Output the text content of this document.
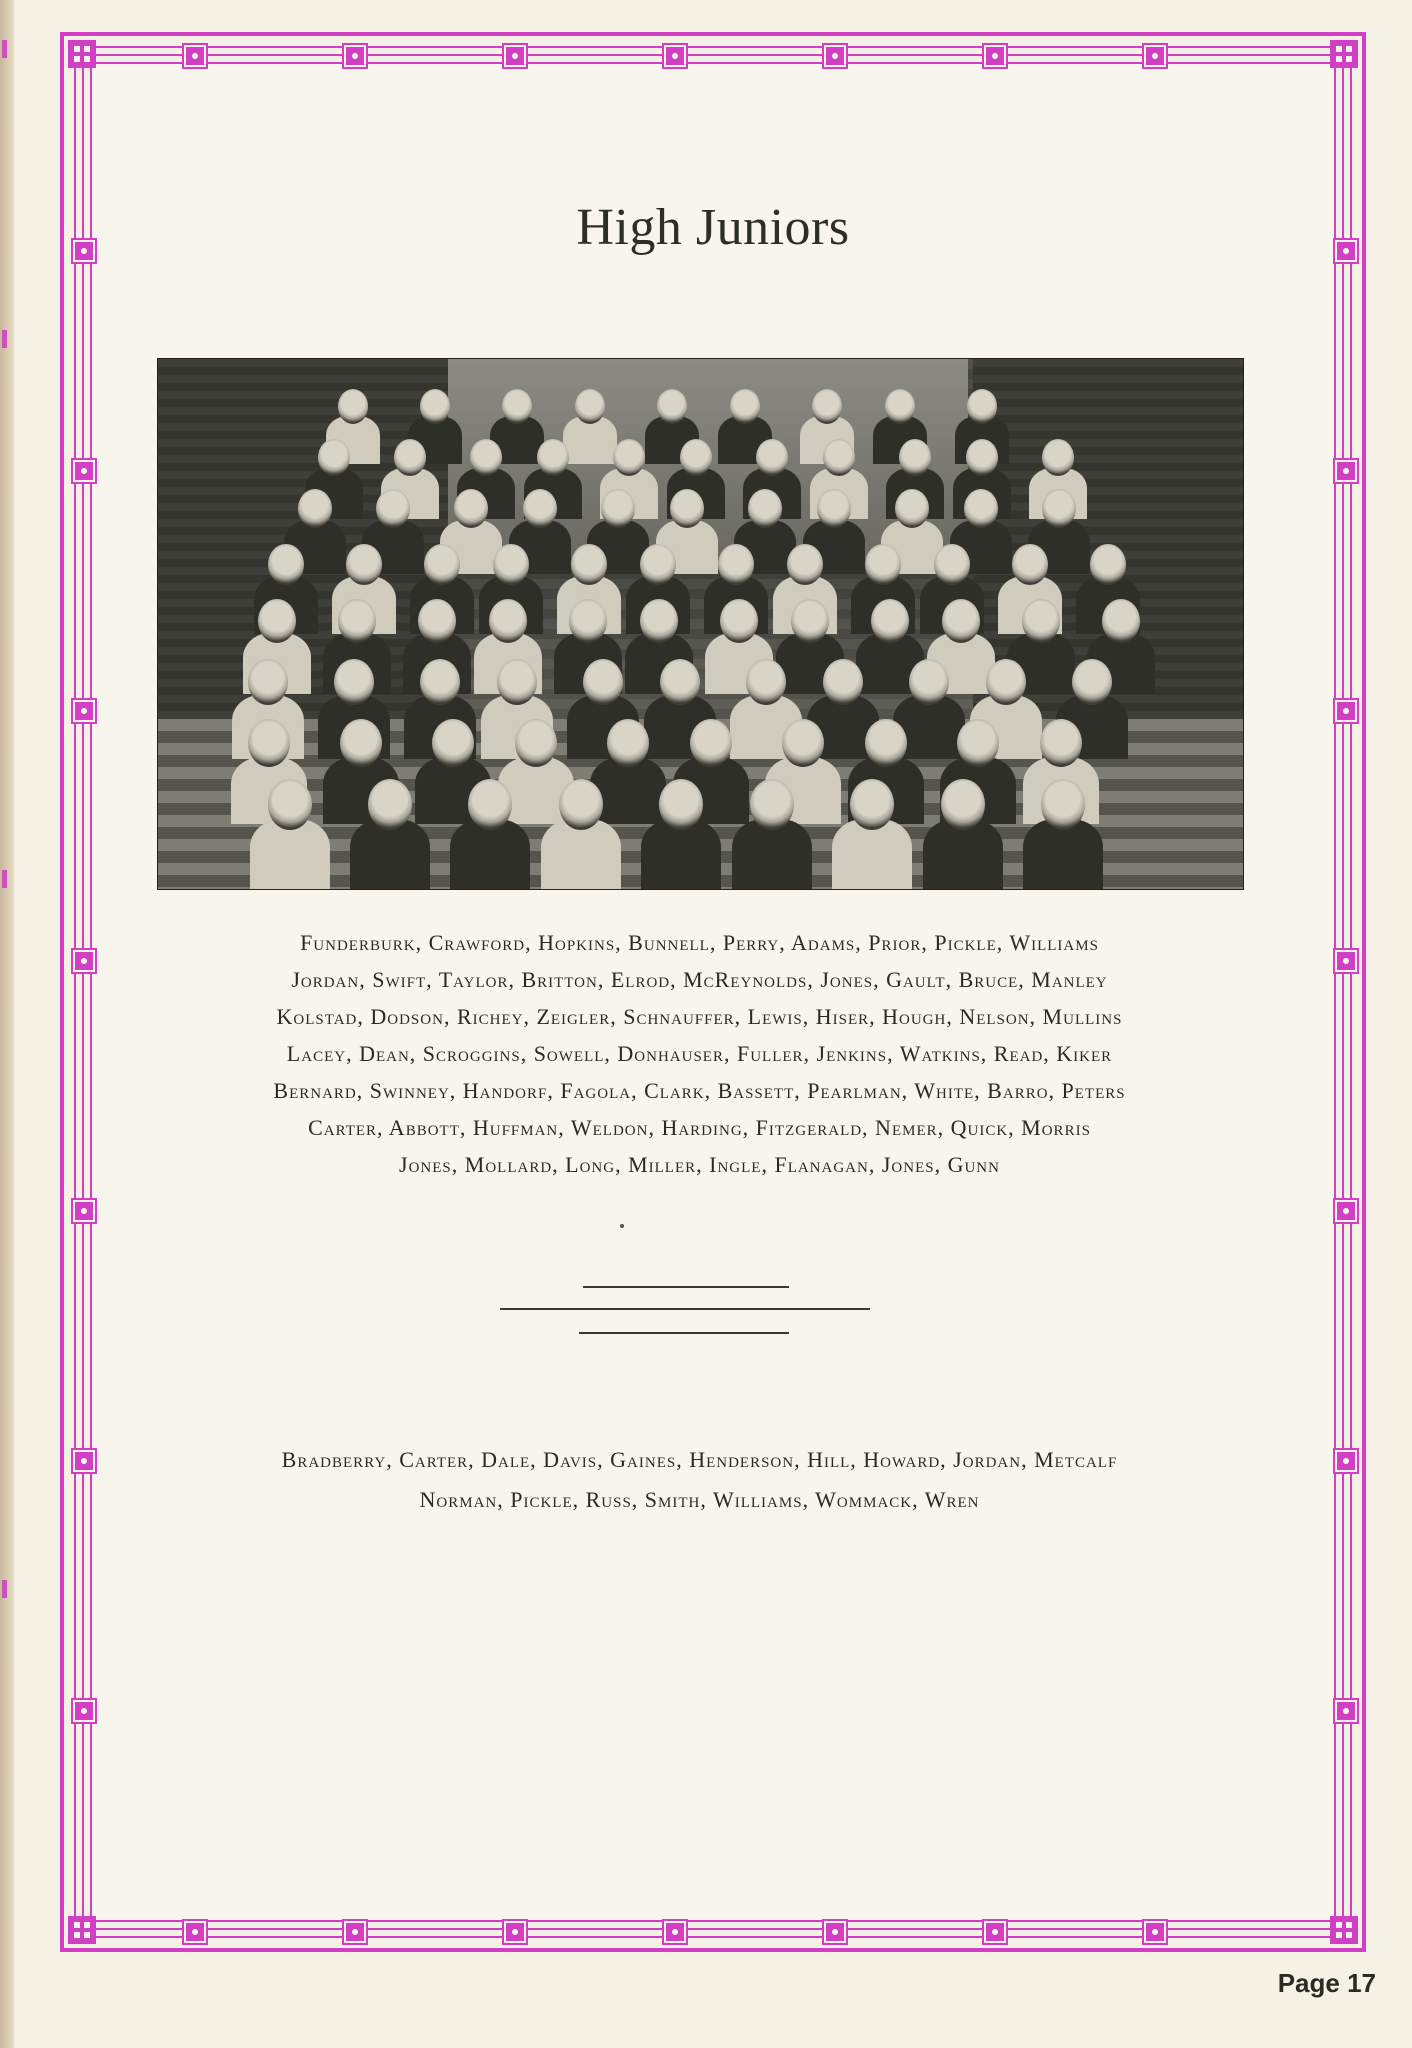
High Juniors
Funderburk, Crawford, Hopkins, Bunnell, Perry, Adams, Prior, Pickle, Williams
Jordan, Swift, Taylor, Britton, Elrod, McReynolds, Jones, Gault, Bruce, Manley
Kolstad, Dodson, Richey, Zeigler, Schnauffer, Lewis, Hiser, Hough, Nelson, Mullins
Lacey, Dean, Scroggins, Sowell, Donhauser, Fuller, Jenkins, Watkins, Read, Kiker
Bernard, Swinney, Handorf, Fagola, Clark, Bassett, Pearlman, White, Barro, Peters
Carter, Abbott, Huffman, Weldon, Harding, Fitzgerald, Nemer, Quick, Morris
Jones, Mollard, Long, Miller, Ingle, Flanagan, Jones, Gunn
Bradberry, Carter, Dale, Davis, Gaines, Henderson, Hill, Howard, Jordan, Metcalf
Norman, Pickle, Russ, Smith, Williams, Wommack, Wren
Page 17
